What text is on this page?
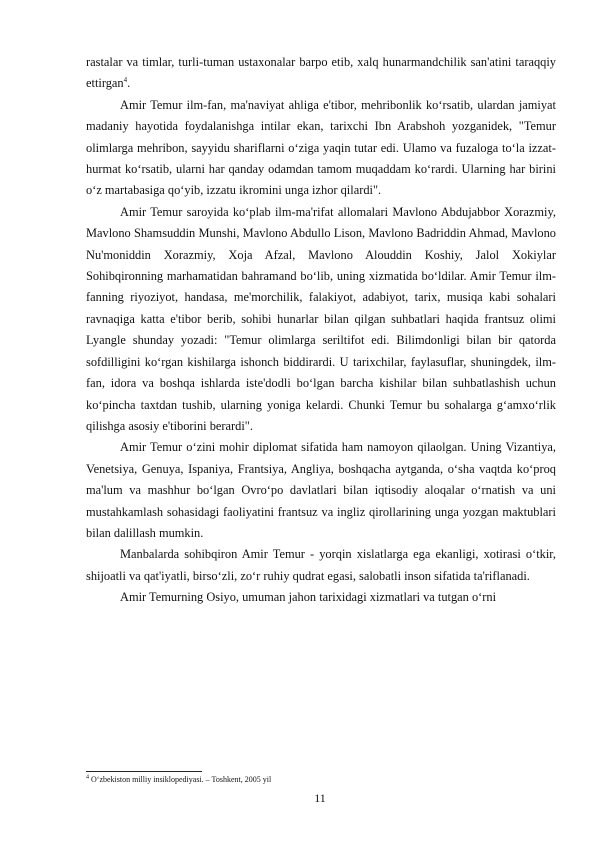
rastalar va timlar, turli-tuman ustaxonalar barpo etib, xalq hunarmandchilik san'atini taraqqiy ettirgan$^4$.

Amir Temur ilm-fan, ma'naviyat ahliga e'tibor, mehribonlik ko‘rsatib, ulardan jamiyat madaniy hayotida foydalanishga intilar ekan, tarixchi Ibn Arabshoh yozganidek, "Temur olimlarga mehribon, sayyidu shariflarni o‘ziga yaqin tutar edi. Ulamo va fuzaloga to‘la izzat-hurmat ko‘rsatib, ularni har qanday odamdan tamom muqaddam ko‘rardi. Ularning har birini o‘z martabasiga qo‘yib, izzatu ikromini unga izhor qilardi".

Amir Temur saroyida ko‘plab ilm-ma'rifat allomalari Mavlono Abdujabbor Xorazmiy, Mavlono Shamsuddin Munshi, Mavlono Abdullo Lison, Mavlono Badriddin Ahmad, Mavlono Nu'moniddin Xorazmiy, Xoja Afzal, Mavlono Alouddin Koshiy, Jalol Xokiylar Sohibqironning marhamatidan bahramand bo‘lib, uning xizmatida bo‘ldilar. Amir Temur ilm-fanning riyoziyot, handasa, me'morchilik, falakiyot, adabiyot, tarix, musiqa kabi sohalari ravnaqiga katta e'tibor berib, sohibi hunarlar bilan qilgan suhbatlari haqida frantsuz olimi Lyangle shunday yozadi: "Temur olimlarga seriltifot edi. Bilimdonligi bilan bir qatorda sofdilligini ko‘rgan kishilarga ishonch biddirardi. U tarixchilar, faylasuflar, shuningdek, ilm-fan, idora va boshqa ishlarda iste'dodli bo‘lgan barcha kishilar bilan suhbatlashish uchun ko‘pincha taxtdan tushib, ularning yoniga kelardi. Chunki Temur bu sohalarga g‘amxo‘rlik qilishga asosiy e'tiborini berardi".

Amir Temur o‘zini mohir diplomat sifatida ham namoyon qilaolgan. Uning Vizantiya, Venetsiya, Genuya, Ispaniya, Frantsiya, Angliya, boshqacha aytganda, o‘sha vaqtda ko‘proq ma'lum va mashhur bo‘lgan Ovro‘po davlatlari bilan iqtisodiy aloqalar o‘rnatish va uni mustahkamlash sohasidagi faoliyatini frantsuz va ingliz qirollarining unga yozgan maktublari bilan dalillash mumkin.

Manbalarda sohibqiron Amir Temur - yorqin xislatlarga ega ekanligi, xotirasi o‘tkir, shijoatli va qat'iyatli, birso‘zli, zo‘r ruhiy qudrat egasi, salobatli inson sifatida ta'riflanadi.

Amir Temurning Osiyo, umuman jahon tarixidagi xizmatlari va tutgan o‘rni

$^4$ O‘zbekiston milliy insiklopediyasi. – Toshkent, 2005 yil
11
